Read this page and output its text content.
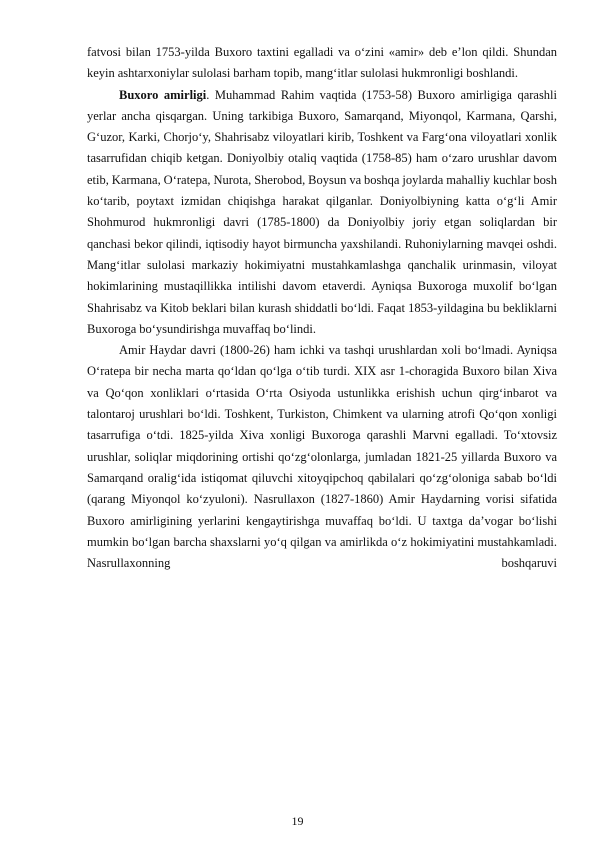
fatvosi bilan 1753-yilda Buxoro taxtini egalladi va o‘zini «amir» deb e’lon qildi. Shundan keyin ashtarxoniylar sulolasi barham topib, mang‘itlar sulolasi hukmronligi boshlandi.

Buxoro amirligi. Muhammad Rahim vaqtida (1753-58) Buxoro amirligiga qarashli yerlar ancha qisqargan. Uning tarkibiga Buxoro, Samarqand, Miyonqol, Karmana, Qarshi, G‘uzor, Karki, Chorjo‘y, Shahrisabz viloyatlari kirib, Toshkent va Farg‘ona viloyatlari xonlik tasarrufidan chiqib ketgan. Doniyolbiy otaliq vaqtida (1758-85) ham o‘zaro urushlar davom etib, Karmana, O‘ratepa, Nurota, Sherobod, Boysun va boshqa joylarda mahalliy kuchlar bosh ko‘tarib, poytaxt izmidan chiqishga harakat qilganlar. Doniyolbiyning katta o‘g‘li Amir Shohmurod hukmronligi davri (1785-1800) da Doniyolbiy joriy etgan soliqlardan bir qanchasi bekor qilindi, iqtisodiy hayot birmuncha yaxshilandi. Ruhoniylarning mavqei oshdi. Mang‘itlar sulolasi markaziy hokimiyatni mustahkamlashga qanchalik urinmasin, viloyat hokimlarining mustaqillikka intilishi davom etaverdi. Ayniqsa Buxoroga muxolif bo‘lgan Shahrisabz va Kitob beklari bilan kurash shiddatli bo‘ldi. Faqat 1853-yildagina bu bekliklarni Buxoroga bo‘ysundirishga muvaffaq bo‘lindi.

Amir Haydar davri (1800-26) ham ichki va tashqi urushlardan xoli bo‘lmadi. Ayniqsa O‘ratepa bir necha marta qo‘ldan qo‘lga o‘tib turdi. XIX asr 1-choragida Buxoro bilan Xiva va Qo‘qon xonliklari o‘rtasida O‘rta Osiyoda ustunlikka erishish uchun qirg‘inbarot va talontaroj urushlari bo‘ldi. Toshkent, Turkiston, Chimkent va ularning atrofi Qo‘qon xonligi tasarrufiga o‘tdi. 1825-yilda Xiva xonligi Buxoroga qarashli Marvni egalladi. To‘xtovsiz urushlar, soliqlar miqdorining ortishi qo‘zg‘olonlarga, jumladan 1821-25 yillarda Buxoro va Samarqand oralig‘ida istiqomat qiluvchi xitoyqipchoq qabilalari qo‘zg‘oloniga sabab bo‘ldi (qarang Miyonqol ko‘zyuloni). Nasrullaxon (1827-1860) Amir Haydarning vorisi sifatida Buxoro amirligining yerlarini kengaytirishga muvaffaq bo‘ldi. U taxtga da’vogar bo‘lishi mumkin bo‘lgan barcha shaxslarni yo‘q qilgan va amirlikda o‘z hokimiyatini mustahkamladi. Nasrullaxonning boshqaruvi

19
